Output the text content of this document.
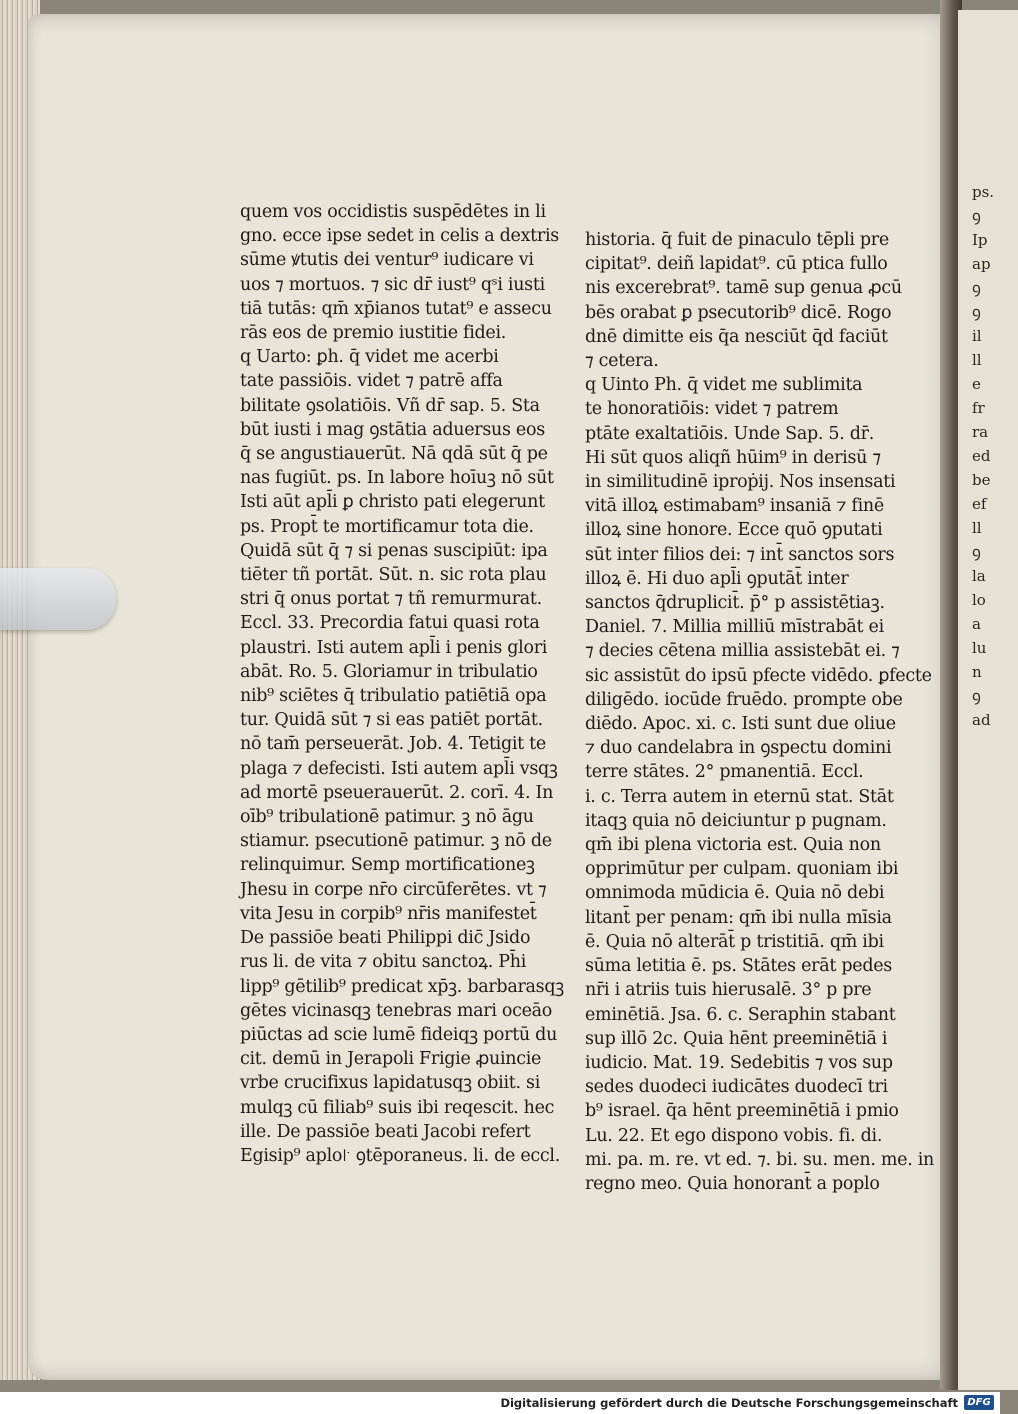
quem vos occidistis suspēdētes in li
gno. ecce ipse sedet in celis a dextris
sūme ꝟtutis dei ventur⁹ iudicare vi
uos ⁊ mortuos. ⁊ sic dr̄ iust⁹ qˢi iusti
tiā tutās: qm̄ xp̄ianos tutat⁹ e assecu
rās eos de premio iustitie fidei.
q Uarto: ꝑh. q̄ videt me acerbi
tate passiōis. videt ⁊ patrē affa
bilitate ꝯsolatiōis. Vñ dr̄ sap. 5. Sta
būt iusti i mag ꝯstātia aduersus eos
q̄ se angustiauerūt. Nā qdā sūt q̄ pe
nas fugiūt. ps. In labore hoīuꝫ nō sūt
Isti aūt apl̄i ꝑ christo pati elegerunt
ps. Propt̄ te mortificamur tota die.
Quidā sūt q̄ ⁊ si penas suscipiūt: ipa
tiēter tñ portāt. Sūt. n. sic rota plau
stri q̄ onus portat ⁊ tñ remurmurat.
Eccl. 33. Precordia fatui quasi rota
plaustri. Isti autem apl̄i i penis glori
abāt. Ro. 5. Gloriamur in tribulatio
nib⁹ sciētes q̄ tribulatio patiētiā opa
tur. Quidā sūt ⁊ si eas patiēt portāt.
nō tam̄ perseuerāt. Job. 4. Tetigit te
plaga ⁊ defecisti. Isti autem apl̄i vsqꝫ
ad mortē pseuerauerūt. 2. corī. 4. In
oīb⁹ tribulationē patimur. ꝫ nō āgu
stiamur. psecutionē patimur. ꝫ nō de
relinquimur. Semp mortificationeꝫ
Jhesu in corpe nr̄o circūferētes. vt ⁊
vita Jesu in corpib⁹ nr̄is manifestet̄
De passiōe beati Philippi dic̄ Jsido
rus li. de vita ⁊ obitu sanctoꝝ. Ph̄i
lipp⁹ gētilib⁹ predicat xp̄ꝫ. barbarasqꝫ
gētes vicinasqꝫ tenebras mari oceāo
piūctas ad scie lumē fideiqꝫ portū du
cit. demū in Jerapoli Frigie ꝓuincie
vrbe crucifixus lapidatusqꝫ obiit. si
mulqꝫ cū filiab⁹ suis ibi reqescit. hec
ille. De passiōe beati Jacobi refert
Egisip⁹ aplo꜎ ꝯtēporaneus. li. de eccl.
historia. q̄ fuit de pinaculo tēpli pre
cipitat⁹. deiñ lapidat⁹. cū ptica fullo
nis excerebrat⁹. tamē sup genua ꝓcū
bēs orabat ꝑ psecutorib⁹ dicē. Rogo
dnē dimitte eis q̄a nesciūt q̄d faciūt
⁊ cetera.
q Uinto Ph. q̄ videt me sublimita
te honoratiōis: videt ⁊ patrem
ptāte exaltatiōis. Unde Sap. 5. dr̄.
Hi sūt quos aliqñ hūim⁹ in derisū ⁊
in similitudinē iproṗij. Nos insensati
vitā illoꝝ estimabam⁹ insaniā ⁊ finē
illoꝝ sine honore. Ecce quō ꝯputati
sūt inter filios dei: ⁊ int̄ sanctos sors
illoꝝ ē. Hi duo apl̄i ꝯputāt̄ inter
sanctos q̄druplicit̄. p̄° p assistētiaꝫ.
Daniel. 7. Millia milliū mīstrabāt ei
⁊ decies cētena millia assistebāt ei. ⁊
sic assistūt do ipsū pfecte vidēdo. ꝑfecte
diligēdo. iocūde fruēdo. prompte obe
diēdo. Apoc. xi. c. Isti sunt due oliue
⁊ duo candelabra in ꝯspectu domini
terre stātes. 2° pmanentiā. Eccl.
i. c. Terra autem in eternū stat. Stāt
itaqꝫ quia nō deiciuntur p pugnam.
qm̄ ibi plena victoria est. Quia non
opprimūtur per culpam. quoniam ibi
omnimoda mūdicia ē. Quia nō debi
litant̄ per penam: qm̄ ibi nulla mīsia
ē. Quia nō alterāt̄ p tristitiā. qm̄ ibi
sūma letitia ē. ps. Stātes erāt pedes
nr̄i i atriis tuis hierusalē. 3° p pre
eminētiā. Jsa. 6. c. Seraphin stabant
sup illō 2c. Quia hēnt preeminētiā i
iudicio. Mat. 19. Sedebitis ⁊ vos sup
sedes duodeci iudicātes duodecī tri
b⁹ israel. q̄a hēnt preeminētiā i pmio
Lu. 22. Et ego dispono vobis. fi. di.
mi. pa. m. re. vt ed. ⁊. bi. su. men. me. in
regno meo. Quia honorant̄ a poplo
ps.
ꝯ
Ip
ap
ꝯ
ꝯ
il
ll
e
fr
ra
ed
be
ef
ll
ꝯ
la
lo
a
lu
n
ꝯ
ad
Digitalisierung gefördert durch die Deutsche Forschungsgemeinschaft DFG
